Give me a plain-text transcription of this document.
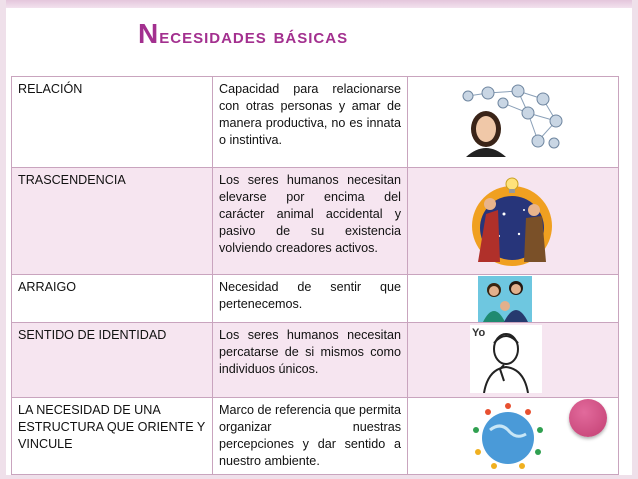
Necesidades básicas
RELACIÓN	Capacidad para relacionarse con otras personas y amar de manera productiva, no es innata o instintiva.	

TRASCENDENCIA	Los seres humanos necesitan elevarse por encima del carácter animal accidental y pasivo de su existencia volviendo creadores activos.	

ARRAIGO	Necesidad de sentir que pertenecemos.	

SENTIDO DE IDENTIDAD	Los seres humanos necesitan percatarse de si mismos como individuos únicos.	Yo

LA NECESIDAD DE UNA ESTRUCTURA QUE ORIENTE Y VINCULE	Marco de referencia que permita organizar nuestras percepciones y dar sentido a nuestro ambiente.	
